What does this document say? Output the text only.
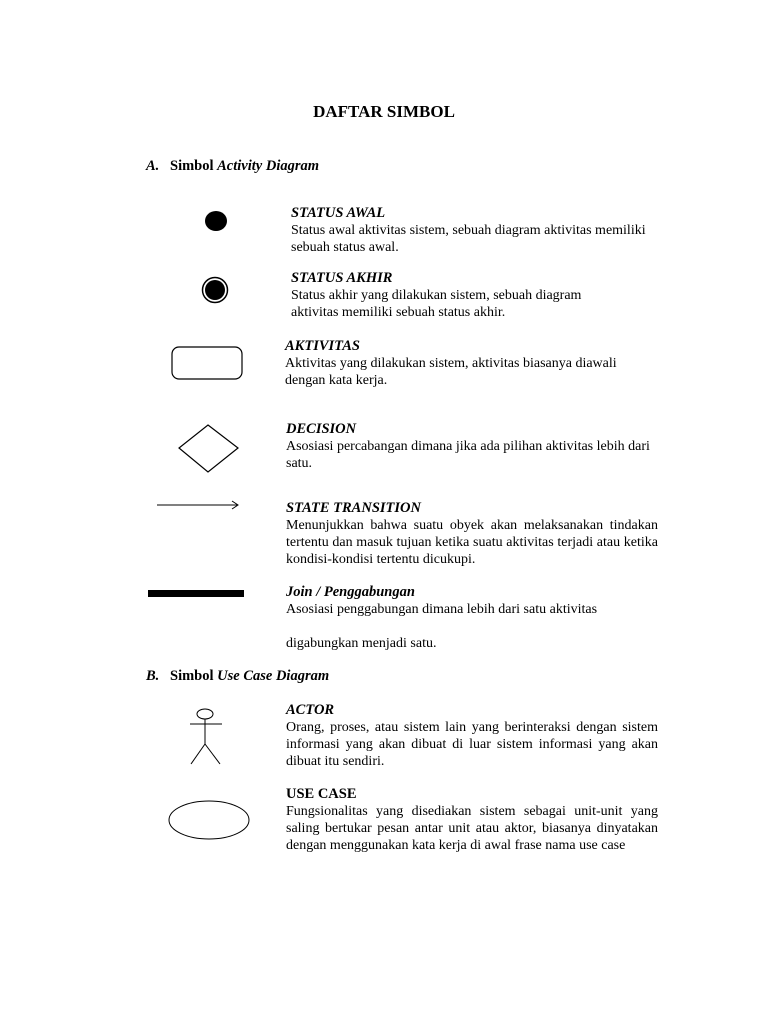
DAFTAR SIMBOL

A. Simbol Activity Diagram

STATUS AWAL
Status awal aktivitas sistem, sebuah diagram aktivitas memiliki sebuah status awal.
STATUS AKHIR
Status akhir yang dilakukan sistem, sebuah diagram aktivitas memiliki sebuah status akhir.
AKTIVITAS
Aktivitas yang dilakukan sistem, aktivitas biasanya diawali dengan kata kerja.
DECISION
Asosiasi percabangan dimana jika ada pilihan aktivitas lebih dari satu.
STATE TRANSITION
Menunjukkan bahwa suatu obyek akan melaksanakan tindakan tertentu dan masuk tujuan ketika suatu aktivitas terjadi atau ketika kondisi-kondisi tertentu dicukupi.
Join / Penggabungan
Asosiasi penggabungan dimana lebih dari satu aktivitas
digabungkan menjadi satu.

B. Simbol Use Case Diagram

ACTOR
Orang, proses, atau sistem lain yang berinteraksi dengan sistem informasi yang akan dibuat di luar sistem informasi yang akan dibuat itu sendiri.
USE CASE
Fungsionalitas yang disediakan sistem sebagai unit-unit yang saling bertukar pesan antar unit atau aktor, biasanya dinyatakan dengan menggunakan kata kerja di awal frase nama use case
